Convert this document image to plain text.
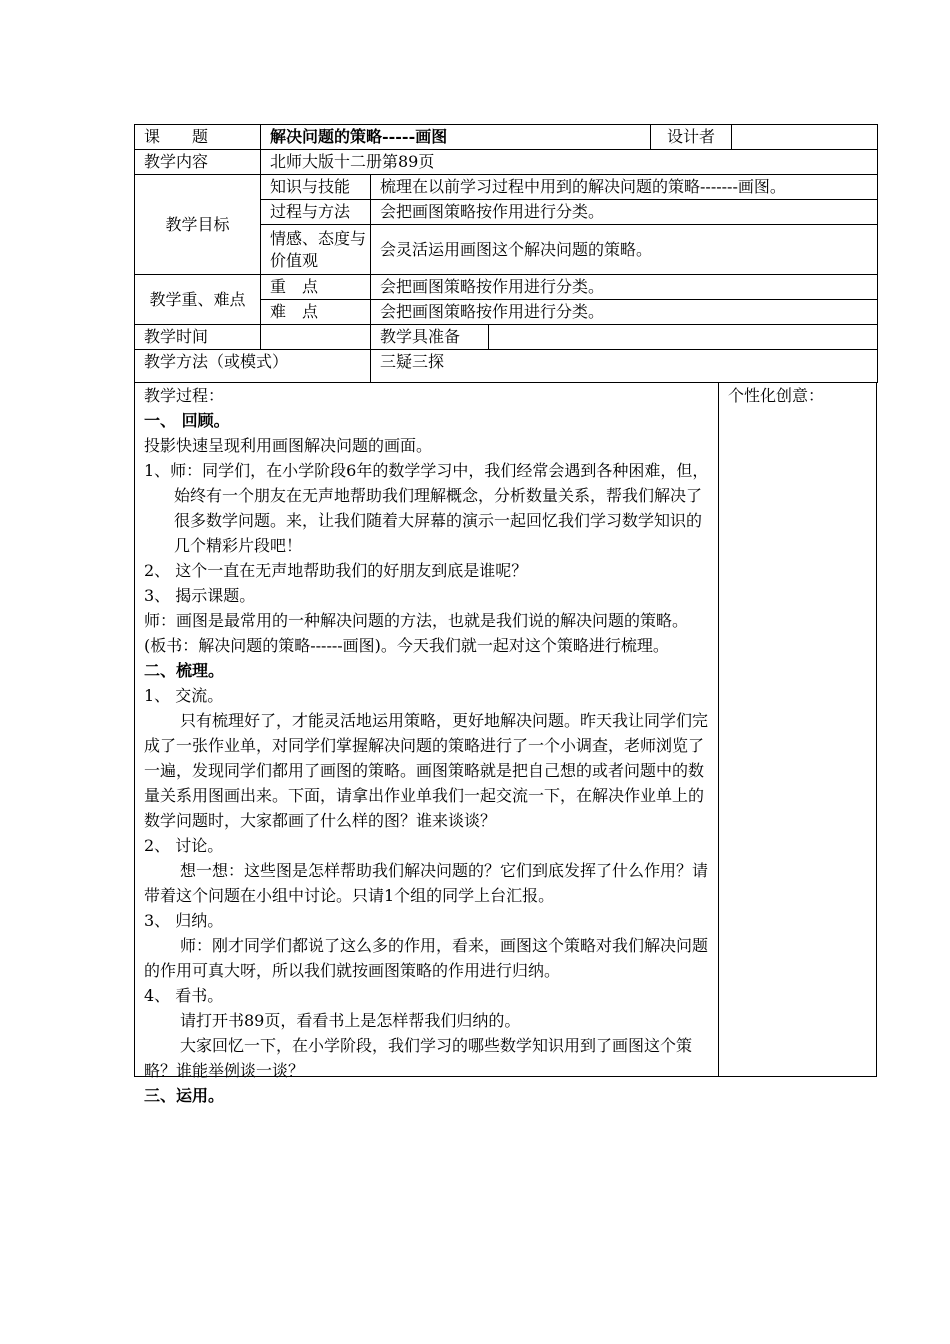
课　　题	解决问题的策略-----画图			设计者	
教学内容	北师大版十二册第89页				
教学目标	知识与技能	梳理在以前学习过程中用到的解决问题的策略-------画图。			
	过程与方法	会把画图策略按作用进行分类。			
	情感、态度与价值观	会灵活运用画图这个解决问题的策略。			
教学重、难点	重　点	会把画图策略按作用进行分类。			
	难　点	会把画图策略按作用进行分类。			
教学时间		教学具准备			
教学方法（或模式）		三疑三探			

教学过程：

一、 回顾。

投影快速呈现利用画图解决问题的画面。

1、师：同学们，在小学阶段6年的数学学习中，我们经常会遇到各种困难，但，始终有一个朋友在无声地帮助我们理解概念，分析数量关系，帮我们解决了很多数学问题。来，让我们随着大屏幕的演示一起回忆我们学习数学知识的几个精彩片段吧！

2、 这个一直在无声地帮助我们的好朋友到底是谁呢？

3、 揭示课题。

师：画图是最常用的一种解决问题的方法，也就是我们说的解决问题的策略。(板书：解决问题的策略------画图)。今天我们就一起对这个策略进行梳理。

二、梳理。

1、 交流。

只有梳理好了，才能灵活地运用策略，更好地解决问题。昨天我让同学们完成了一张作业单，对同学们掌握解决问题的策略进行了一个小调查，老师浏览了一遍，发现同学们都用了画图的策略。画图策略就是把自己想的或者问题中的数量关系用图画出来。下面，请拿出作业单我们一起交流一下，在解决作业单上的数学问题时，大家都画了什么样的图？谁来谈谈？

2、 讨论。

想一想：这些图是怎样帮助我们解决问题的？它们到底发挥了什么作用？请带着这个问题在小组中讨论。只请1个组的同学上台汇报。

3、 归纳。

师：刚才同学们都说了这么多的作用，看来，画图这个策略对我们解决问题的作用可真大呀，所以我们就按画图策略的作用进行归纳。

4、 看书。

请打开书89页，看看书上是怎样帮我们归纳的。

大家回忆一下，在小学阶段，我们学习的哪些数学知识用到了画图这个策略？谁能举例谈一谈？

三、运用。

个性化创意：
